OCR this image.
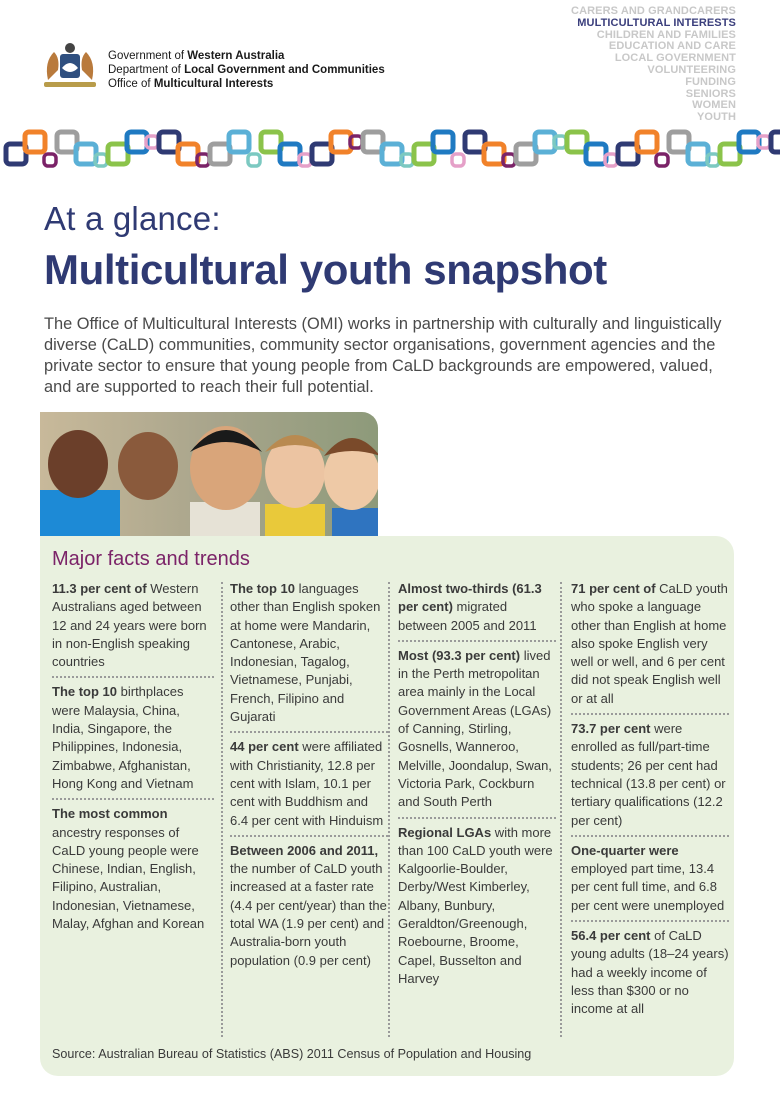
Government of Western Australia
Department of Local Government and Communities
Office of Multicultural Interests
CARERS AND GRANDCARERS
MULTICULTURAL INTERESTS
CHILDREN AND FAMILIES
EDUCATION AND CARE
LOCAL GOVERNMENT
VOLUNTEERING
FUNDING
SENIORS
WOMEN
YOUTH
At a glance:
Multicultural youth snapshot

The Office of Multicultural Interests (OMI) works in partnership with culturally and linguistically diverse (CaLD) communities, community sector organisations, government agencies and the private sector to ensure that young people from CaLD backgrounds are empowered, valued, and are supported to reach their full potential.

Major facts and trends
11.3 per cent of Western Australians aged between 12 and 24 years were born in non-English speaking countries
The top 10 birthplaces were Malaysia, China, India, Singapore, the Philippines, Indonesia, Zimbabwe, Afghanistan, Hong Kong and Vietnam
The most common ancestry responses of CaLD young people were Chinese, Indian, English, Filipino, Australian, Indonesian, Vietnamese, Malay, Afghan and Korean
The top 10 languages other than English spoken at home were Mandarin, Cantonese, Arabic, Indonesian, Tagalog, Vietnamese, Punjabi, French, Filipino and Gujarati
44 per cent were affiliated with Christianity, 12.8 per cent with Islam, 10.1 per cent with Buddhism and 6.4 per cent with Hinduism
Between 2006 and 2011, the number of CaLD youth increased at a faster rate (4.4 per cent/year) than the total WA (1.9 per cent) and Australia-born youth population (0.9 per cent)
Almost two-thirds (61.3 per cent) migrated between 2005 and 2011
Most (93.3 per cent) lived in the Perth metropolitan area mainly in the Local Government Areas (LGAs) of Canning, Stirling, Gosnells, Wanneroo, Melville, Joondalup, Swan, Victoria Park, Cockburn and South Perth
Regional LGAs with more than 100 CaLD youth were Kalgoorlie-Boulder, Derby/West Kimberley, Albany, Bunbury, Geraldton/Greenough, Roebourne, Broome, Capel, Busselton and Harvey
71 per cent of CaLD youth who spoke a language other than English at home also spoke English very well or well, and 6 per cent did not speak English well or at all
73.7 per cent were enrolled as full/part-time students; 26 per cent had technical (13.8 per cent) or tertiary qualifications (12.2 per cent)
One-quarter were employed part time, 13.4 per cent full time, and 6.8 per cent were unemployed
56.4 per cent of CaLD young adults (18–24 years) had a weekly income of less than $300 or no income at all
Source: Australian Bureau of Statistics (ABS) 2011 Census of Population and Housing
